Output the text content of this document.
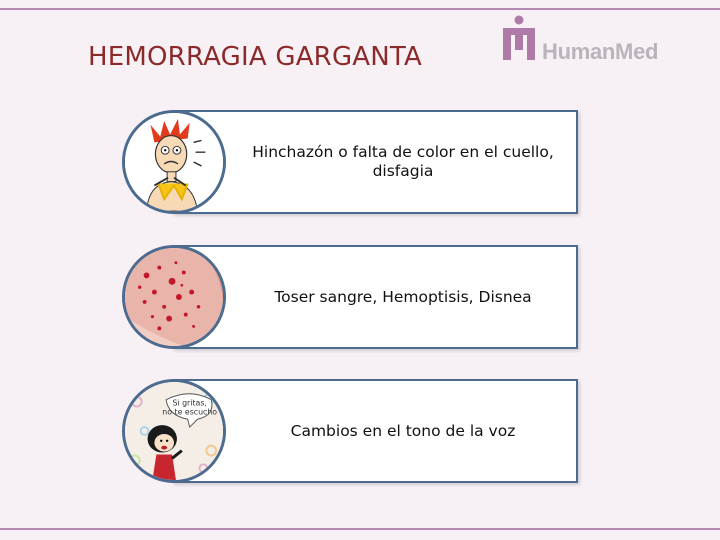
HEMORRAGIA GARGANTA	HumanMed
Hinchazón o falta de color en el cuello, disfagia
Toser sangre, Hemoptisis, Disnea
Cambios en el tono de la voz
Si gritas,
no te escucho
